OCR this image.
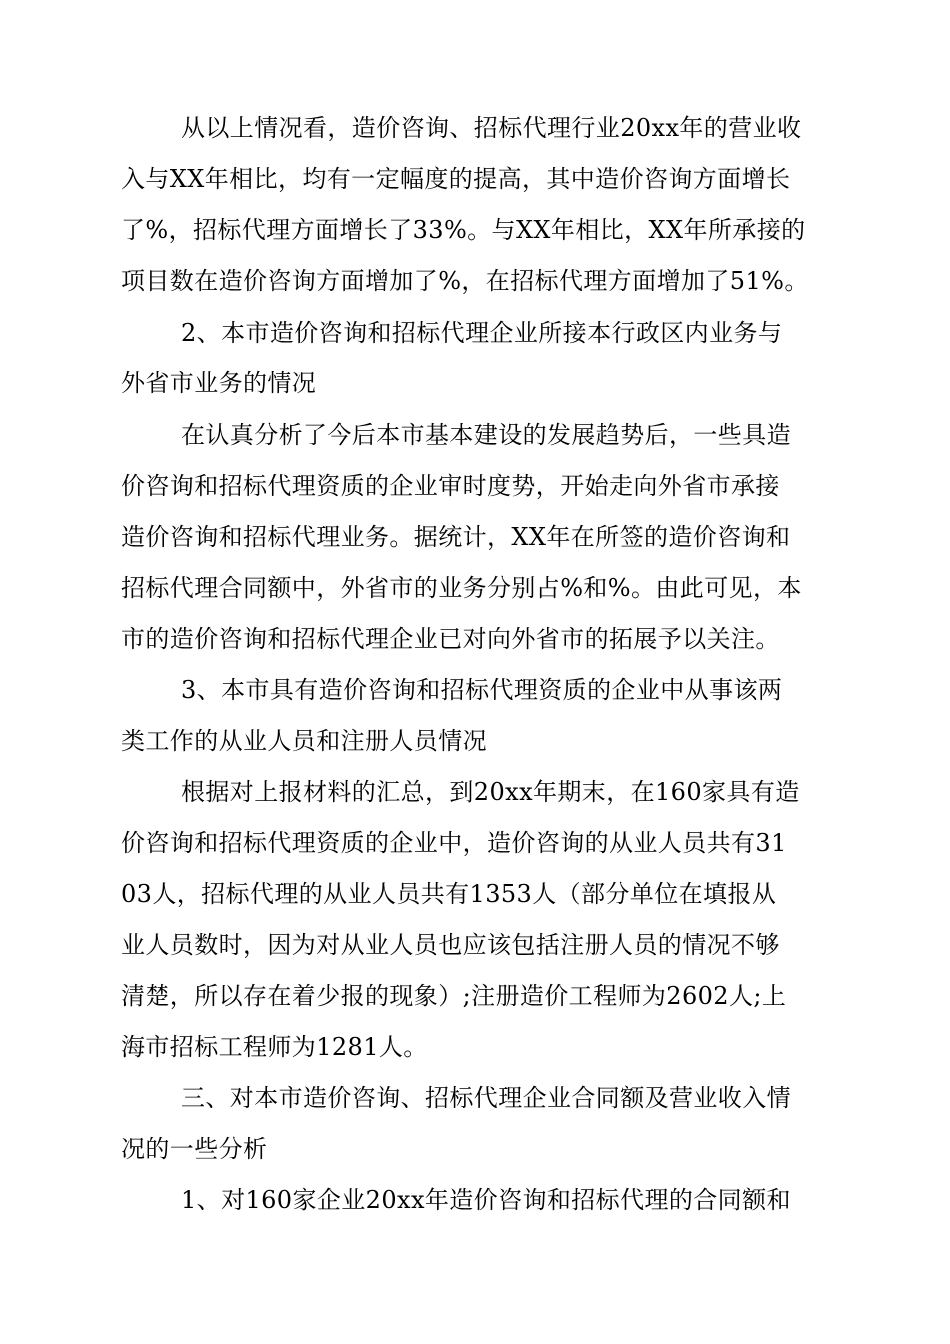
从以上情况看，造价咨询、招标代理行业20xx年的营业收
入与XX年相比，均有一定幅度的提高，其中造价咨询方面增长
了%，招标代理方面增长了33%。与XX年相比，XX年所承接的
项目数在造价咨询方面增加了%，在招标代理方面增加了51%。
2、本市造价咨询和招标代理企业所接本行政区内业务与
外省市业务的情况
在认真分析了今后本市基本建设的发展趋势后，一些具造
价咨询和招标代理资质的企业审时度势，开始走向外省市承接
造价咨询和招标代理业务。据统计，XX年在所签的造价咨询和
招标代理合同额中，外省市的业务分别占%和%。由此可见，本
市的造价咨询和招标代理企业已对向外省市的拓展予以关注。
3、本市具有造价咨询和招标代理资质的企业中从事该两
类工作的从业人员和注册人员情况
根据对上报材料的汇总，到20xx年期末，在160家具有造
价咨询和招标代理资质的企业中，造价咨询的从业人员共有31
03人，招标代理的从业人员共有1353人（部分单位在填报从
业人员数时，因为对从业人员也应该包括注册人员的情况不够
清楚，所以存在着少报的现象）;注册造价工程师为2602人;上
海市招标工程师为1281人。
三、对本市造价咨询、招标代理企业合同额及营业收入情
况的一些分析
1、对160家企业20xx年造价咨询和招标代理的合同额和
